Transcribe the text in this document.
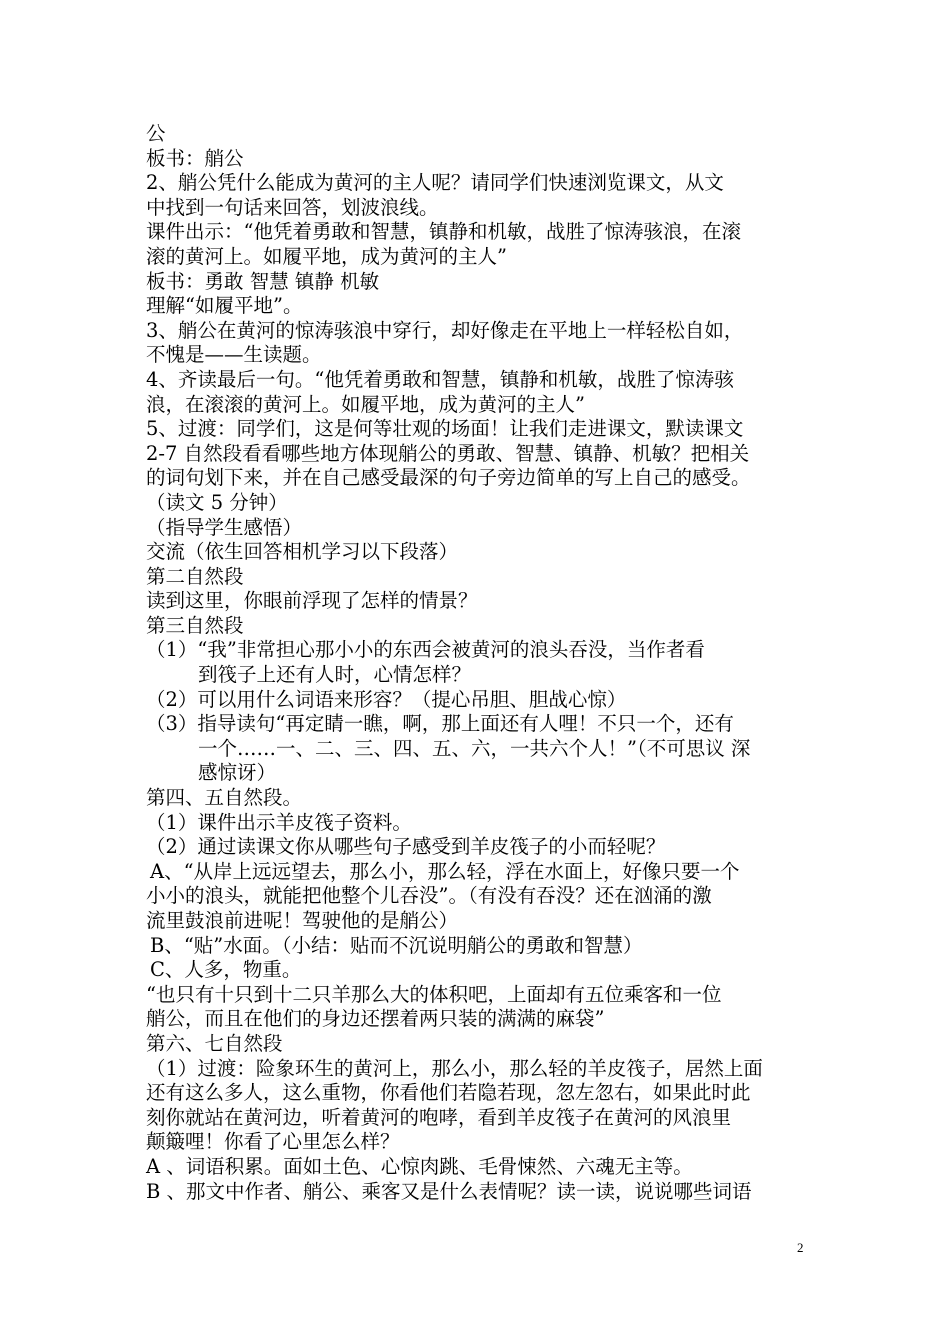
公
板书：艄公
2、艄公凭什么能成为黄河的主人呢？请同学们快速浏览课文，从文
中找到一句话来回答，划波浪线。
课件出示：“他凭着勇敢和智慧，镇静和机敏，战胜了惊涛骇浪，在滚
滚的黄河上。如履平地，成为黄河的主人”
板书：勇敢 智慧 镇静 机敏
理解“如履平地”。
3、艄公在黄河的惊涛骇浪中穿行，却好像走在平地上一样轻松自如，
不愧是——生读题。
4、齐读最后一句。“他凭着勇敢和智慧，镇静和机敏，战胜了惊涛骇
浪，在滚滚的黄河上。如履平地，成为黄河的主人”
5、过渡：同学们，这是何等壮观的场面！让我们走进课文，默读课文
2-7 自然段看看哪些地方体现艄公的勇敢、智慧、镇静、机敏？把相关
的词句划下来，并在自己感受最深的句子旁边简单的写上自己的感受。
（读文 5 分钟）
（指导学生感悟）
交流（依生回答相机学习以下段落）
第二自然段
读到这里，你眼前浮现了怎样的情景？
第三自然段
（1）“我”非常担心那小小的东西会被黄河的浪头吞没，当作者看
到筏子上还有人时，心情怎样？
（2）可以用什么词语来形容？（提心吊胆、胆战心惊）
（3）指导读句“再定睛一瞧，啊，那上面还有人哩！不只一个，还有
一个……一、二、三、四、五、六，一共六个人！”（不可思议 深
感惊讶）
第四、五自然段。
（1）课件出示羊皮筏子资料。
（2）通过读课文你从哪些句子感受到羊皮筏子的小而轻呢？
A、“从岸上远远望去，那么小，那么轻，浮在水面上，好像只要一个
小小的浪头，就能把他整个儿吞没”。（有没有吞没？还在汹涌的激
流里鼓浪前进呢！驾驶他的是艄公）
B、“贴”水面。（小结：贴而不沉说明艄公的勇敢和智慧）
C、人多，物重。
“也只有十只到十二只羊那么大的体积吧，上面却有五位乘客和一位
艄公，而且在他们的身边还摆着两只装的满满的麻袋”
第六、七自然段
（1）过渡：险象环生的黄河上，那么小，那么轻的羊皮筏子，居然上面
还有这么多人，这么重物，你看他们若隐若现，忽左忽右，如果此时此
刻你就站在黄河边，听着黄河的咆哮，看到羊皮筏子在黄河的风浪里
颠簸哩！你看了心里怎么样？
A 、词语积累。面如土色、心惊肉跳、毛骨悚然、六魂无主等。
B 、那文中作者、艄公、乘客又是什么表情呢？读一读，说说哪些词语
2
